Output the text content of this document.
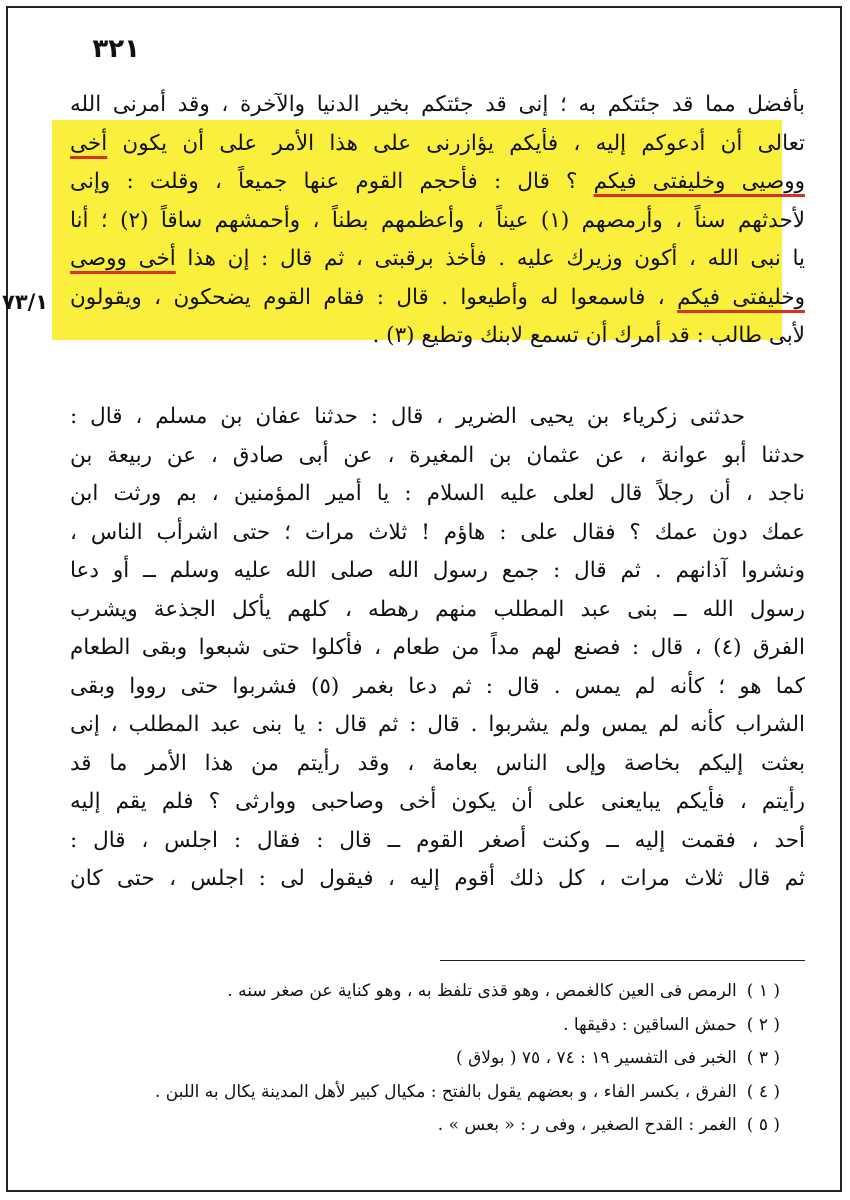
٣٢١
٧٣/١
بأفضل مما قد جئتكم به ؛ إنى قد جئتكم بخير الدنيا والآخرة ، وقد أمرنى الله
تعالى أن أدعوكم إليه ، فأيكم يؤازرنى على هذا الأمر على أن يكون أخى
ووصيى وخليفتى فيكم ؟ قال : فأحجم القوم عنها جميعاً ، وقلت : وإنى
لأحدثهم سناً ، وأرمصهم (١) عيناً ، وأعظمهم بطناً ، وأحمشهم ساقاً (٢) ؛ أنا
يا نبى الله ، أكون وزيرك عليه . فأخذ برقبتى ، ثم قال : إن هذا أخى ووصى
وخليفتى فيكم ، فاسمعوا له وأطيعوا . قال : فقام القوم يضحكون ، ويقولون
لأبى طالب : قد أمرك أن تسمع لابنك وتطيع (٣) .
حدثنى زكرياء بن يحيى الضرير ، قال : حدثنا عفان بن مسلم ، قال :
حدثنا أبو عوانة ، عن عثمان بن المغيرة ، عن أبى صادق ، عن ربيعة بن
ناجد ، أن رجلاً قال لعلى عليه السلام : يا أمير المؤمنين ، بم ورثت ابن
عمك دون عمك ؟ فقال على : هاؤم ! ثلاث مرات ؛ حتى اشرأب الناس ،
ونشروا آذانهم . ثم قال : جمع رسول الله صلى الله عليه وسلم ــ أو دعا
رسول الله ــ بنى عبد المطلب منهم رهطه ، كلهم يأكل الجذعة ويشرب
الفرق (٤) ، قال : فصنع لهم مداً من طعام ، فأكلوا حتى شبعوا وبقى الطعام
كما هو ؛ كأنه لم يمس . قال : ثم دعا بغمر (٥) فشربوا حتى رووا وبقى
الشراب كأنه لم يمس ولم يشربوا . قال : ثم قال : يا بنى عبد المطلب ، إنى
بعثت إليكم بخاصة وإلى الناس بعامة ، وقد رأيتم من هذا الأمر ما قد
رأيتم ، فأيكم يبايعنى على أن يكون أخى وصاحبى ووارثى ؟ فلم يقم إليه
أحد ، فقمت إليه ــ وكنت أصغر القوم ــ قال : فقال : اجلس ، قال :
ثم قال ثلاث مرات ، كل ذلك أقوم إليه ، فيقول لى : اجلس ، حتى كان
( ١ )الرمص فى العين كالغمص ، وهو قذى تلفظ به ، وهو كناية عن صغر سنه .
( ٢ )حمش الساقين : دقيقها .
( ٣ )الخبر فى التفسير ١٩ : ٧٤ ، ٧٥ ( بولاق )
( ٤ )الفرق ، بكسر الفاء ، و بعضهم يقول بالفتح : مكيال كبير لأهل المدينة يكال به اللبن .
( ٥ )الغمر : القدح الصغير ، وفى ر : « بعس » .
